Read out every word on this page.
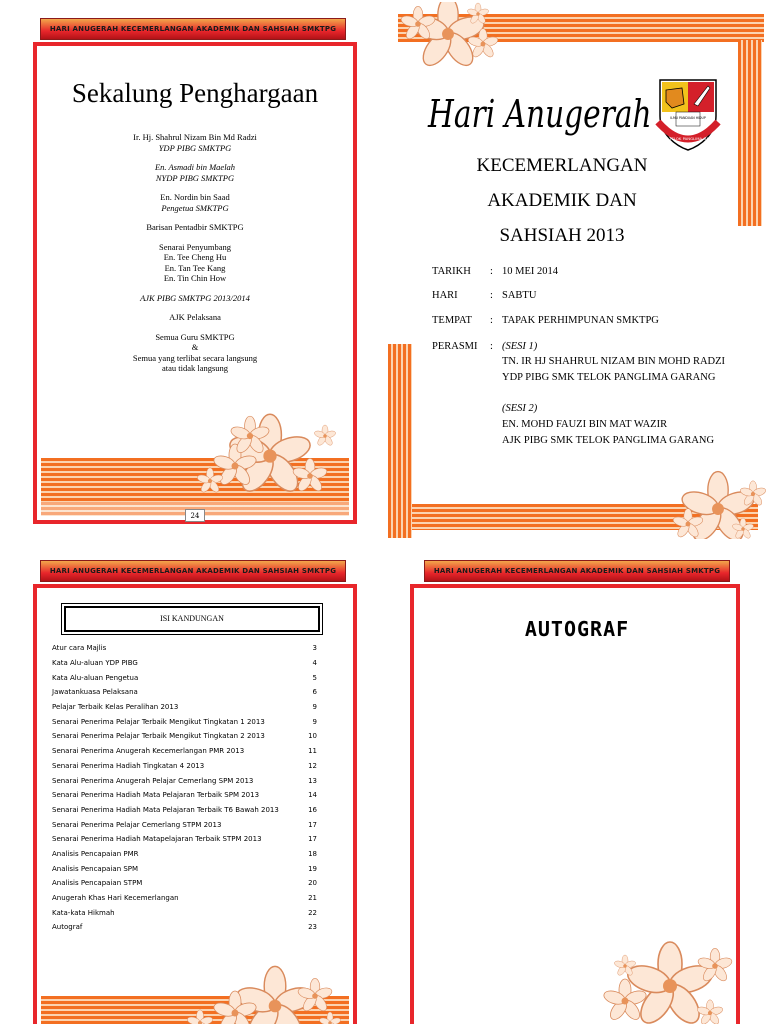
HARI ANUGERAH KECEMERLANGAN AKADEMIK DAN SAHSIAH SMKTPG
Sekalung Penghargaan
Ir. Hj. Shahrul Nizam Bin Md Radzi
YDP PIBG SMKTPG
En. Asmadi bin Maelah
NYDP PIBG SMKTPG
En. Nordin bin Saad
Pengetua SMKTPG
Barisan Pentadbir SMKTPG
Senarai Penyumbang
En. Tee Cheng Hu
En. Tan Tee Kang
En. Tin Chin How
AJK PIBG SMKTPG 2013/2014
AJK Pelaksana
Semua Guru SMKTPG
&
Semua yang terlibat secara langsung
atau tidak langsung
24
Hari Anugerah	ILMU PANDUAN HIDUP
S.M.K. TELOK PANGLIMA GARANG
KECEMERLANGAN
AKADEMIK DAN
SAHSIAH 2013
TARIKH : 10 MEI 2014
HARI	: SABTU
TEMPAT : TAPAK PERHIMPUNAN SMKTPG
PERASMI : (SESI 1)
TN. IR HJ SHAHRUL NIZAM BIN MOHD RADZI
YDP PIBG SMK TELOK PANGLIMA GARANG
(SESI 2)
EN. MOHD FAUZI BIN MAT WAZIR
AJK PIBG SMK TELOK PANGLIMA GARANG
HARI ANUGERAH KECEMERLANGAN AKADEMIK DAN SAHSIAH SMKTPG
ISI KANDUNGAN
Atur cara Majlis	3
Kata Alu-aluan YDP PIBG	4
Kata Alu-aluan Pengetua	5
Jawatankuasa Pelaksana	6
Pelajar Terbaik Kelas Peralihan 2013	9
Senarai Penerima Pelajar Terbaik Mengikut Tingkatan 1 2013	9
Senarai Penerima Pelajar Terbaik Mengikut Tingkatan 2 2013	10
Senarai Penerima Anugerah Kecemerlangan PMR 2013	11
Senarai Penerima Hadiah Tingkatan 4 2013	12
Senarai Penerima Anugerah Pelajar Cemerlang SPM 2013	13
Senarai Penerima Hadiah Mata Pelajaran Terbaik SPM 2013	14
Senarai Penerima Hadiah Mata Pelajaran Terbaik T6 Bawah 2013	16
Senarai Penerima Pelajar Cemerlang STPM 2013	17
Senarai Penerima Hadiah Matapelajaran Terbaik STPM 2013	17
Analisis Pencapaian PMR	18
Analisis Pencapaian SPM	19
Analisis Pencapaian STPM	20
Anugerah Khas Hari Kecemerlangan	21
Kata-kata Hikmah	22
Autograf	23
HARI ANUGERAH KECEMERLANGAN AKADEMIK DAN SAHSIAH SMKTPG
AUTOGRAF
